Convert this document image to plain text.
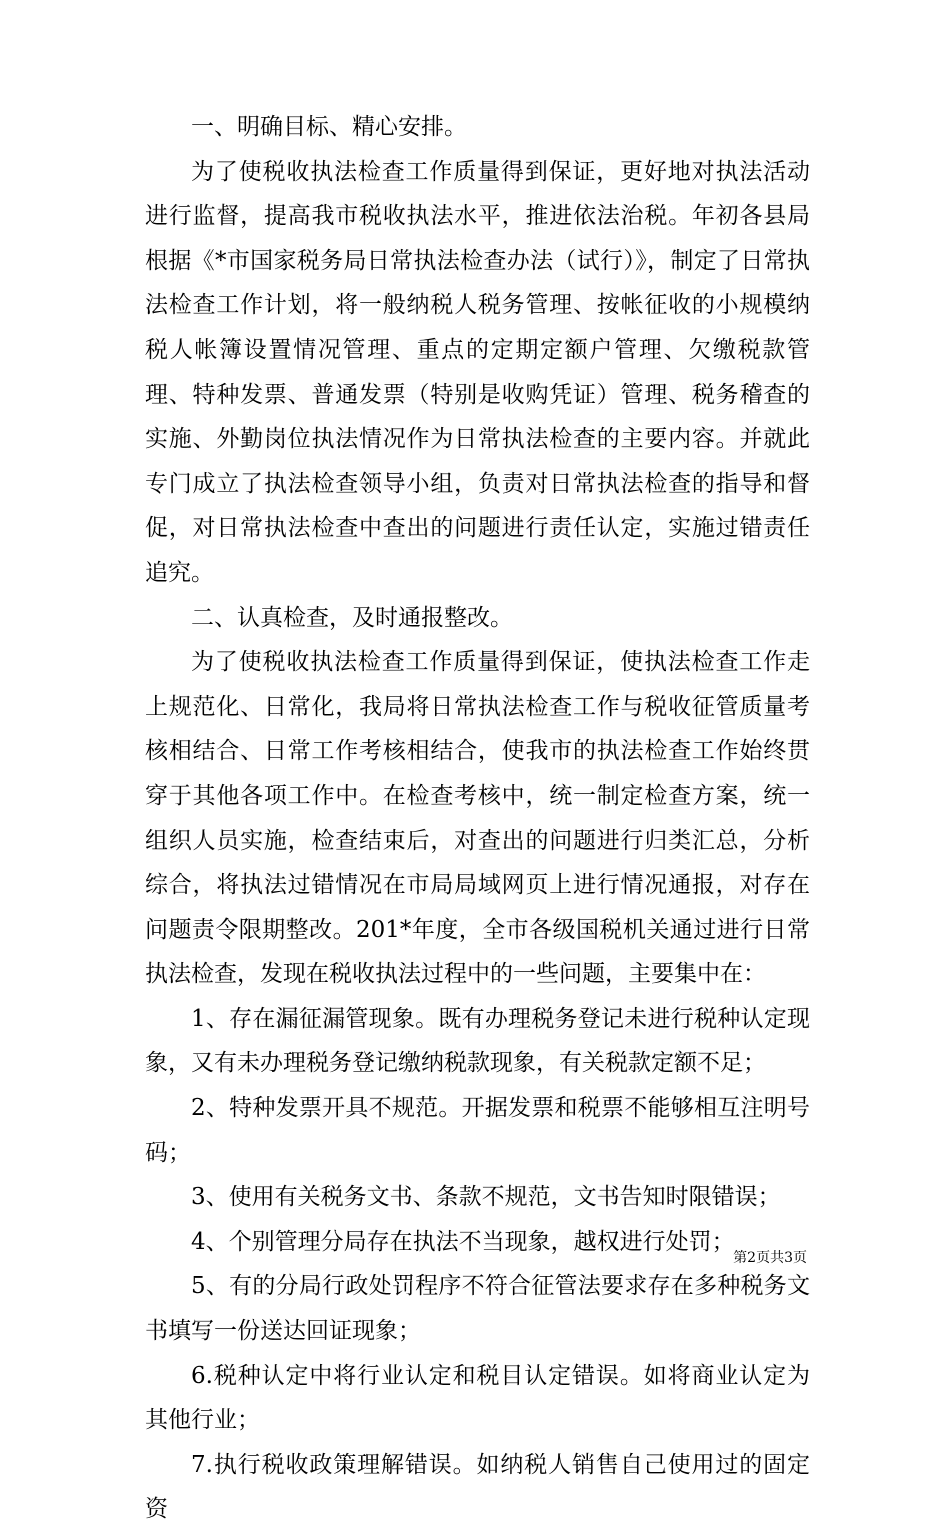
一、明确目标、精心安排。

为了使税收执法检查工作质量得到保证，更好地对执法活动进行监督，提高我市税收执法水平，推进依法治税。年初各县局根据《*市国家税务局日常执法检查办法（试行）》，制定了日常执法检查工作计划，将一般纳税人税务管理、按帐征收的小规模纳税人帐簿设置情况管理、重点的定期定额户管理、欠缴税款管理、特种发票、普通发票（特别是收购凭证）管理、税务稽查的实施、外勤岗位执法情况作为日常执法检查的主要内容。并就此专门成立了执法检查领导小组，负责对日常执法检查的指导和督促，对日常执法检查中查出的问题进行责任认定，实施过错责任追究。

二、认真检查，及时通报整改。

为了使税收执法检查工作质量得到保证，使执法检查工作走上规范化、日常化，我局将日常执法检查工作与税收征管质量考核相结合、日常工作考核相结合，使我市的执法检查工作始终贯穿于其他各项工作中。在检查考核中，统一制定检查方案，统一组织人员实施，检查结束后，对查出的问题进行归类汇总，分析综合，将执法过错情况在市局局域网页上进行情况通报，对存在问题责令限期整改。201*年度，全市各级国税机关通过进行日常执法检查，发现在税收执法过程中的一些问题，主要集中在：

1、存在漏征漏管现象。既有办理税务登记未进行税种认定现象，又有未办理税务登记缴纳税款现象，有关税款定额不足；

2、特种发票开具不规范。开据发票和税票不能够相互注明号码；

3、使用有关税务文书、条款不规范，文书告知时限错误；

4、个别管理分局存在执法不当现象，越权进行处罚；

5、有的分局行政处罚程序不符合征管法要求存在多种税务文书填写一份送达回证现象；

6.税种认定中将行业认定和税目认定错误。如将商业认定为其他行业；

7.执行税收政策理解错误。如纳税人销售自己使用过的固定资

第2页共3页
